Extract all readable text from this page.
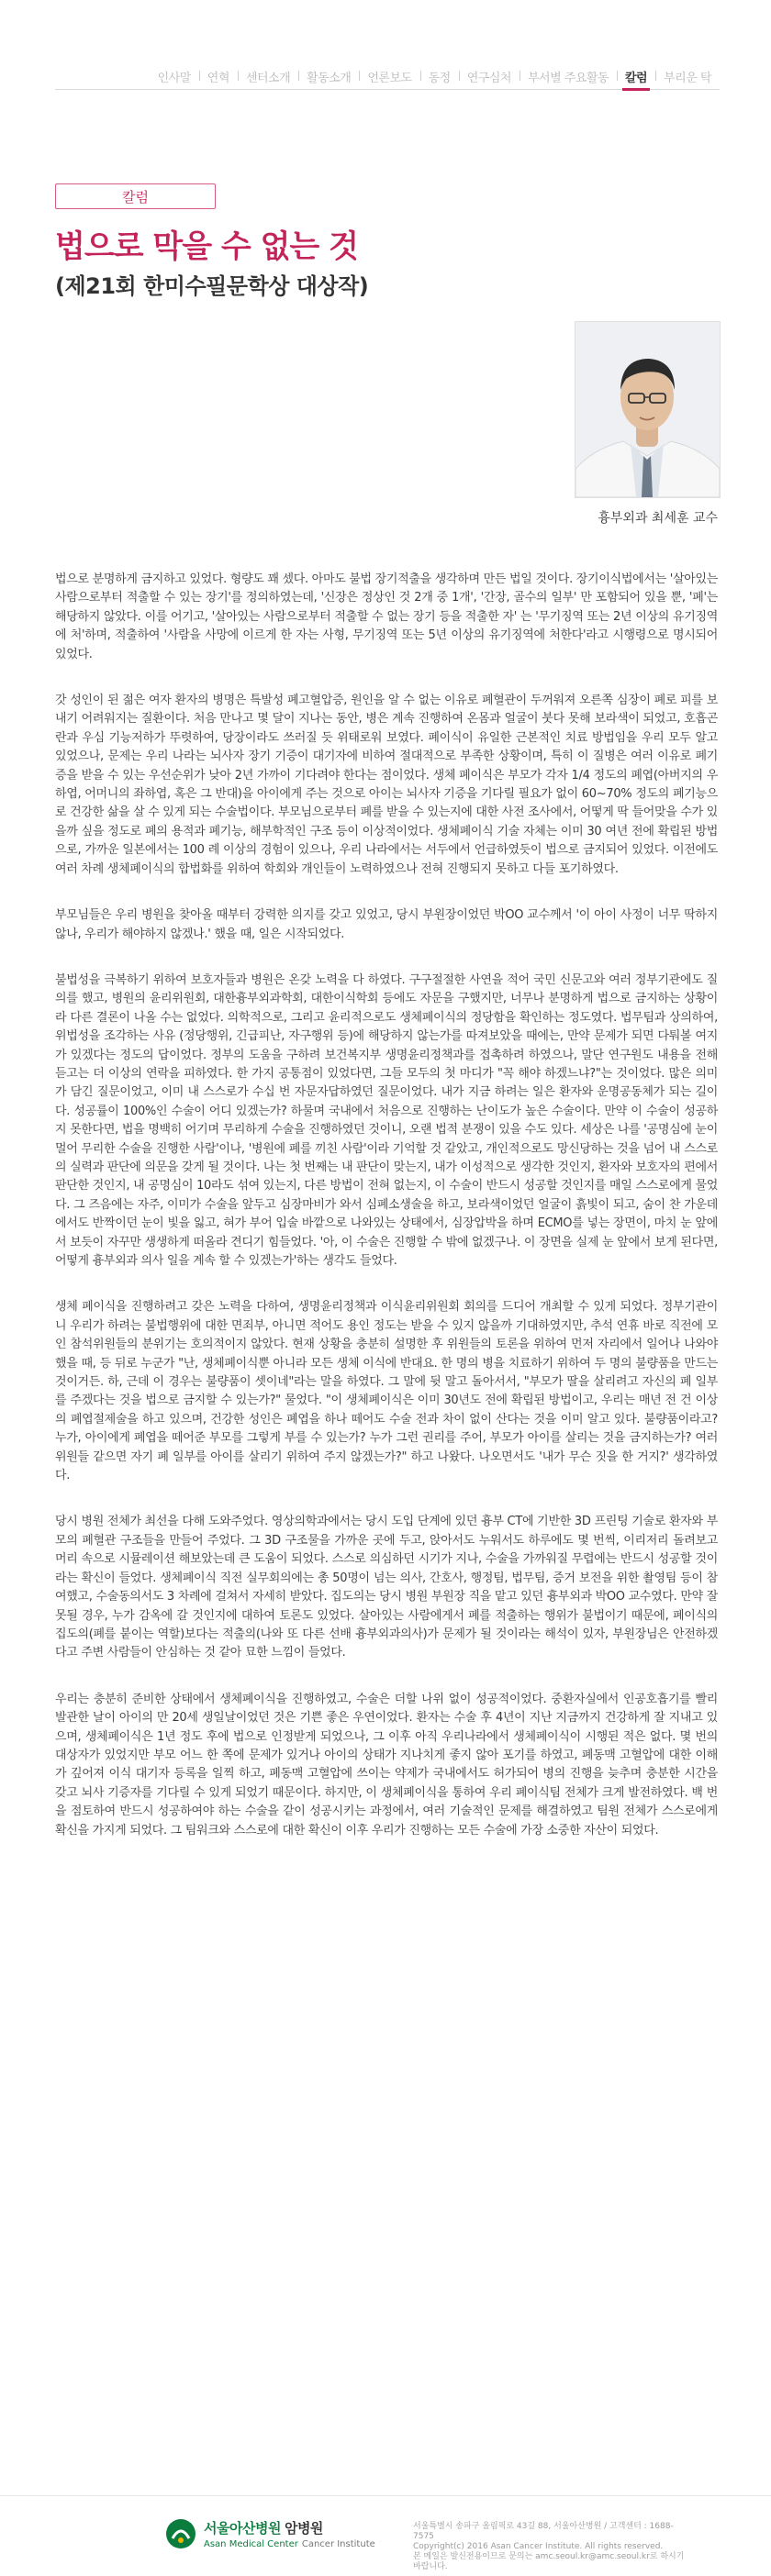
인사말	연혁	센터소개	활동소개	언론보도	동정	연구심처	부서별 주요활동	칼럼	부리운 탁
칼럼
법으로 막을 수 없는 것
(제21회 한미수필문학상 대상작)
흉부외과 최세훈 교수

법으로 분명하게 금지하고 있었다. 형량도 꽤 셌다. 아마도 불법 장기적출을 생각하며 만든 법일 것이다. 장기이식법에서는 '살아있는 사람으로부터 적출할 수 있는 장기'를 정의하였는데, '신장은 정상인 것 2개 중 1개', '간장, 골수의 일부' 만 포함되어 있을 뿐, '폐'는 해당하지 않았다. 이를 어기고, '살아있는 사람으로부터 적출할 수 없는 장기 등을 적출한 자' 는 '무기징역 또는 2년 이상의 유기징역에 처'하며, 적출하여 '사람을 사망에 이르게 한 자는 사형, 무기징역 또는 5년 이상의 유기징역에 처한다'라고 시행령으로 명시되어 있었다.

갓 성인이 된 젊은 여자 환자의 병명은 특발성 폐고혈압증, 원인을 알 수 없는 이유로 폐혈관이 두꺼워져 오른쪽 심장이 폐로 피를 보내기 어려워지는 질환이다. 처음 만나고 몇 달이 지나는 동안, 병은 계속 진행하여 온몸과 얼굴이 붓다 못해 보라색이 되었고, 호흡곤란과 우심 기능저하가 뚜렷하여, 당장이라도 쓰러질 듯 위태로워 보였다. 폐이식이 유일한 근본적인 치료 방법임을 우리 모두 알고 있었으나, 문제는 우리 나라는 뇌사자 장기 기증이 대기자에 비하여 절대적으로 부족한 상황이며, 특히 이 질병은 여러 이유로 폐기증을 받을 수 있는 우선순위가 낮아 2년 가까이 기다려야 한다는 점이었다. 생체 폐이식은 부모가 각자 1/4 정도의 폐엽(아버지의 우하엽, 어머니의 좌하엽, 혹은 그 반대)을 아이에게 주는 것으로 아이는 뇌사자 기증을 기다릴 필요가 없이 60~70% 정도의 폐기능으로 건강한 삶을 살 수 있게 되는 수술법이다. 부모님으로부터 폐를 받을 수 있는지에 대한 사전 조사에서, 어떻게 딱 들어맞을 수가 있을까 싶을 정도로 폐의 용적과 폐기능, 해부학적인 구조 등이 이상적이었다. 생체폐이식 기술 자체는 이미 30 여년 전에 확립된 방법으로, 가까운 일본에서는 100 례 이상의 경험이 있으나, 우리 나라에서는 서두에서 언급하였듯이 법으로 금지되어 있었다. 이전에도 여러 차례 생체폐이식의 합법화를 위하여 학회와 개인들이 노력하였으나 전혀 진행되지 못하고 다들 포기하였다.

부모님들은 우리 병원을 찾아올 때부터 강력한 의지를 갖고 있었고, 당시 부원장이었던 박OO 교수께서 '이 아이 사정이 너무 딱하지 않나, 우리가 해야하지 않겠나.' 했을 때, 일은 시작되었다.

불법성을 극복하기 위하여 보호자들과 병원은 온갖 노력을 다 하였다. 구구절절한 사연을 적어 국민 신문고와 여러 정부기관에도 질의를 했고, 병원의 윤리위원회, 대한흉부외과학회, 대한이식학회 등에도 자문을 구했지만, 너무나 분명하게 법으로 금지하는 상황이라 다른 결론이 나올 수는 없었다. 의학적으로, 그리고 윤리적으로도 생체폐이식의 정당함을 확인하는 정도였다. 법무팀과 상의하여, 위법성을 조각하는 사유 (정당행위, 긴급피난, 자구행위 등)에 해당하지 않는가를 따져보았을 때에는, 만약 문제가 되면 다퉈볼 여지가 있겠다는 정도의 답이었다. 정부의 도움을 구하려 보건복지부 생명윤리정책과를 접촉하려 하였으나, 말단 연구원도 내용을 전해 듣고는 더 이상의 연락을 피하였다. 한 가지 공통점이 있었다면, 그들 모두의 첫 마디가 "꼭 해야 하겠느냐?"는 것이었다. 많은 의미가 담긴 질문이었고, 이미 내 스스로가 수십 번 자문자답하였던 질문이었다. 내가 지금 하려는 일은 환자와 운명공동체가 되는 길이다. 성공률이 100%인 수술이 어디 있겠는가? 하물며 국내에서 처음으로 진행하는 난이도가 높은 수술이다. 만약 이 수술이 성공하지 못한다면, 법을 명백히 어기며 무리하게 수술을 진행하였던 것이니, 오랜 법적 분쟁이 있을 수도 있다. 세상은 나를 '공명심에 눈이 멀어 무리한 수술을 진행한 사람'이나, '병원에 폐를 끼친 사람'이라 기억할 것 같았고, 개인적으로도 망신당하는 것을 넘어 내 스스로의 실력과 판단에 의문을 갖게 될 것이다. 나는 첫 번째는 내 판단이 맞는지, 내가 이성적으로 생각한 것인지, 환자와 보호자의 편에서 판단한 것인지, 내 공명심이 10라도 섞여 있는지, 다른 방법이 전혀 없는지, 이 수술이 반드시 성공할 것인지를 매일 스스로에게 물었다. 그 즈음에는 자주, 이미가 수술을 앞두고 심장마비가 와서 심폐소생술을 하고, 보라색이었던 얼굴이 흙빛이 되고, 숨이 찬 가운데에서도 반짝이던 눈이 빛을 잃고, 혀가 부어 입술 바깥으로 나와있는 상태에서, 심장압박을 하며 ECMO를 넣는 장면이, 마치 눈 앞에서 보듯이 자꾸만 생생하게 떠올라 견디기 힘들었다. '아, 이 수술은 진행할 수 밖에 없겠구나. 이 장면을 실제 눈 앞에서 보게 된다면, 어떻게 흉부외과 의사 일을 계속 할 수 있겠는가'하는 생각도 들었다.

생체 폐이식을 진행하려고 갖은 노력을 다하여, 생명윤리정책과 이식윤리위원회 회의를 드디어 개최할 수 있게 되었다. 정부기관이니 우리가 하려는 불법행위에 대한 면죄부, 아니면 적어도 용인 정도는 받을 수 있지 않을까 기대하였지만, 추석 연휴 바로 직전에 모인 참석위원들의 분위기는 호의적이지 않았다. 현재 상황을 충분히 설명한 후 위원들의 토론을 위하여 먼저 자리에서 일어나 나와야 했을 때, 등 뒤로 누군가 "난, 생체폐이식뿐 아니라 모든 생체 이식에 반대요. 한 명의 병을 치료하기 위하여 두 명의 불량품을 만드는 것이거든. 하, 근데 이 경우는 불량품이 셋이네"라는 말을 하였다. 그 말에 뒷 말고 돌아서서, "부모가 딸을 살리려고 자신의 폐 일부를 주겠다는 것을 법으로 금지할 수 있는가?" 물었다. "이 생체폐이식은 이미 30년도 전에 확립된 방법이고, 우리는 매년 전 건 이상의 폐엽절제술을 하고 있으며, 건강한 성인은 폐엽을 하나 떼어도 수술 전과 차이 없이 산다는 것을 이미 알고 있다. 불량품이라고? 누가, 아이에게 폐엽을 떼어준 부모를 그렇게 부를 수 있는가? 누가 그런 권리를 주어, 부모가 아이를 살리는 것을 금지하는가? 여러 위원들 같으면 자기 폐 일부를 아이를 살리기 위하여 주지 않겠는가?" 하고 나왔다. 나오면서도 '내가 무슨 짓을 한 거지?' 생각하였다.

당시 병원 전체가 최선을 다해 도와주었다. 영상의학과에서는 당시 도입 단계에 있던 흉부 CT에 기반한 3D 프린팅 기술로 환자와 부모의 폐혈관 구조들을 만들어 주었다. 그 3D 구조물을 가까운 곳에 두고, 앉아서도 누워서도 하루에도 몇 번씩, 이리저리 돌려보고 머리 속으로 시뮬레이션 해보았는데 큰 도움이 되었다. 스스로 의심하던 시기가 지나, 수술을 가까워질 무렵에는 반드시 성공할 것이라는 확신이 들었다. 생체폐이식 직전 실무회의에는 총 50명이 넘는 의사, 간호사, 행정팀, 법무팀, 증거 보전을 위한 촬영팀 등이 참여했고, 수술동의서도 3 차례에 걸쳐서 자세히 받았다. 집도의는 당시 병원 부원장 직을 맡고 있던 흉부외과 박OO 교수였다. 만약 잘못될 경우, 누가 감옥에 갈 것인지에 대하여 토론도 있었다. 살아있는 사람에게서 폐를 적출하는 행위가 불법이기 때문에, 폐이식의 집도의(폐를 붙이는 역할)보다는 적출의(나와 또 다른 선배 흉부외과의사)가 문제가 될 것이라는 해석이 있자, 부원장님은 안전하겠다고 주변 사람들이 안심하는 것 같아 묘한 느낌이 들었다.

우리는 충분히 준비한 상태에서 생체폐이식을 진행하였고, 수술은 더할 나위 없이 성공적이었다. 중환자실에서 인공호흡기를 빨리 발관한 날이 아이의 만 20세 생일날이었던 것은 기쁜 좋은 우연이었다. 환자는 수술 후 4년이 지난 지금까지 건강하게 잘 지내고 있으며, 생체폐이식은 1년 정도 후에 법으로 인정받게 되었으나, 그 이후 아직 우리나라에서 생체폐이식이 시행된 적은 없다. 몇 번의 대상자가 있었지만 부모 어느 한 쪽에 문제가 있거나 아이의 상태가 지나치게 좋지 않아 포기를 하였고, 폐동맥 고혈압에 대한 이해가 깊어져 이식 대기자 등록을 일찍 하고, 폐동맥 고혈압에 쓰이는 약제가 국내에서도 허가되어 병의 진행을 늦추며 충분한 시간을 갖고 뇌사 기증자를 기다릴 수 있게 되었기 때문이다. 하지만, 이 생체폐이식을 통하여 우리 폐이식팀 전체가 크게 발전하였다. 백 번을 점토하여 반드시 성공하여야 하는 수술을 같이 성공시키는 과정에서, 여러 기술적인 문제를 해결하였고 팀원 전체가 스스로에게 확신을 가지게 되었다. 그 팀워크와 스스로에 대한 확신이 이후 우리가 진행하는 모든 수술에 가장 소중한 자산이 되었다.

서울아산병원 암병원
Asan Medical Center Cancer Institute
서울특별시 송파구 올림픽로 43길 88, 서울아산병원 / 고객센터 : 1688-7575
Copyright(c) 2016 Asan Cancer Institute. All rights reserved.
본 메일은 발신전용이므로 문의는 amc.seoul.kr@amc.seoul.kr로 하시기 바랍니다.
